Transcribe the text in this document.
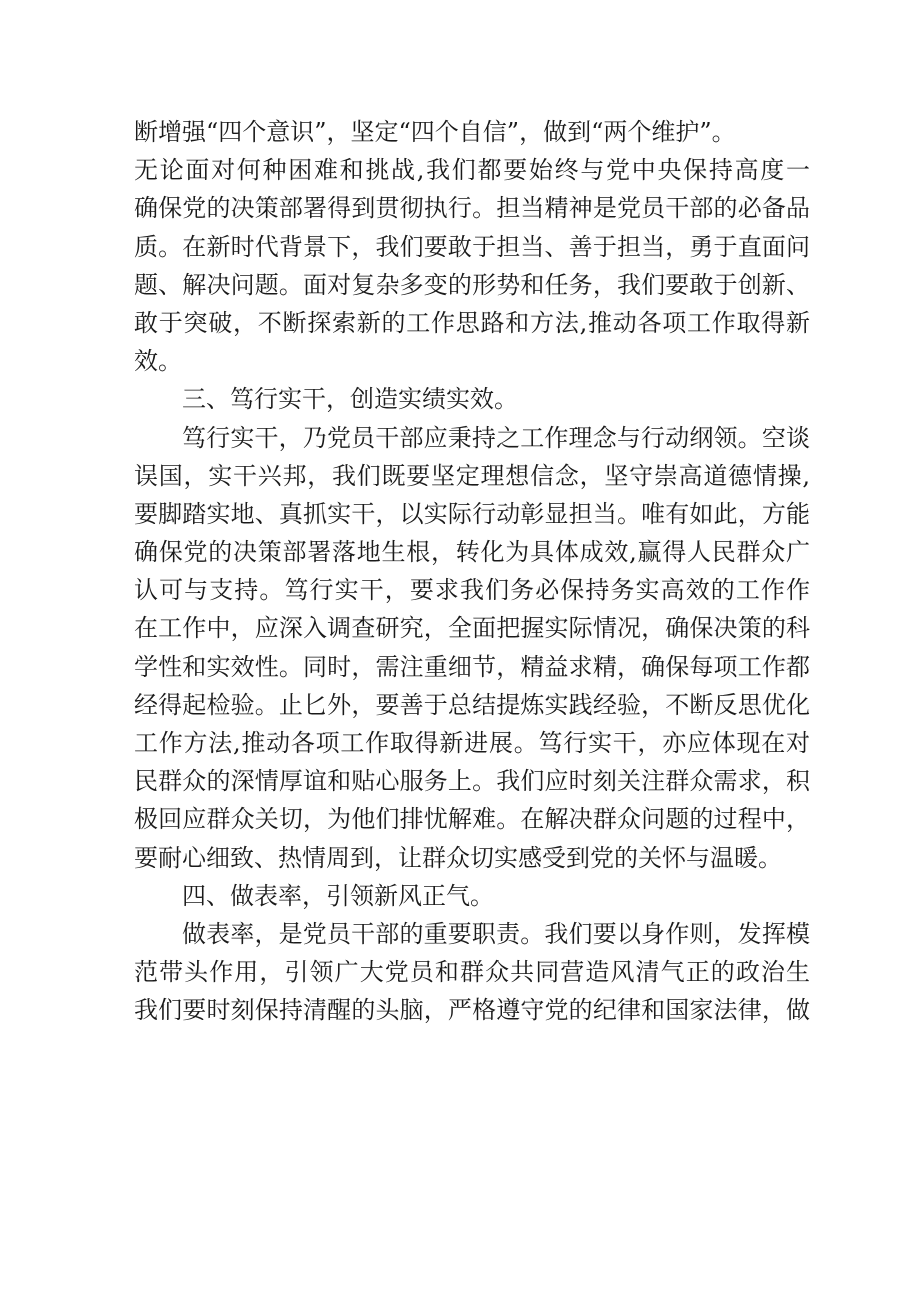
断增强“四个意识”，坚定“四个自信”，做到“两个维护”。
无论面对何种困难和挑战,我们都要始终与党中央保持高度一
确保党的决策部署得到贯彻执行。担当精神是党员干部的必备品
质。在新时代背景下，我们要敢于担当、善于担当，勇于直面问
题、解决问题。面对复杂多变的形势和任务，我们要敢于创新、
敢于突破，不断探索新的工作思路和方法,推动各项工作取得新
效。
三、笃行实干，创造实绩实效。
笃行实干，乃党员干部应秉持之工作理念与行动纲领。空谈
误国，实干兴邦，我们既要坚定理想信念，坚守崇高道德情操,
要脚踏实地、真抓实干，以实际行动彰显担当。唯有如此，方能
确保党的决策部署落地生根，转化为具体成效,赢得人民群众广
认可与支持。笃行实干，要求我们务必保持务实高效的工作作
在工作中，应深入调查研究，全面把握实际情况，确保决策的科
学性和实效性。同时，需注重细节，精益求精，确保每项工作都
经得起检验。止匕外，要善于总结提炼实践经验，不断反思优化
工作方法,推动各项工作取得新进展。笃行实干，亦应体现在对
民群众的深情厚谊和贴心服务上。我们应时刻关注群众需求，积
极回应群众关切，为他们排忧解难。在解决群众问题的过程中，
要耐心细致、热情周到，让群众切实感受到党的关怀与温暖。
四、做表率，引领新风正气。
做表率，是党员干部的重要职责。我们要以身作则，发挥模
范带头作用，引领广大党员和群众共同营造风清气正的政治生
我们要时刻保持清醒的头脑，严格遵守党的纪律和国家法律，做
